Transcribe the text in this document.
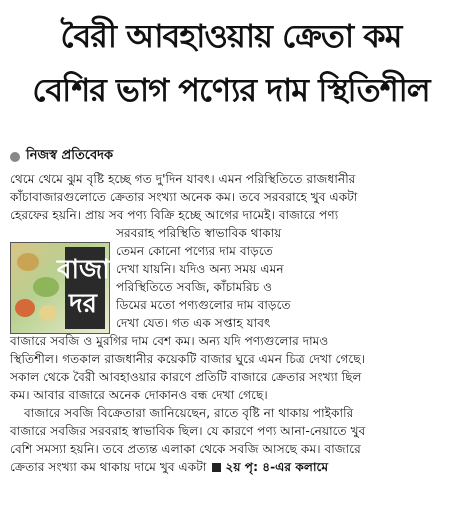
বৈরী আবহাওয়ায় ক্রেতা কম
বেশির ভাগ পণ্যের দাম স্থিতিশীল
নিজস্ব প্রতিবেদক
থেমে থেমে ঝুম বৃষ্টি হচ্ছে গত দু'দিন যাবৎ। এমন পরিস্থিতিতে রাজধানীর
কাঁচাবাজারগুলোতে ক্রেতার সংখ্যা অনেক কম। তবে সরবরাহে খুব একটা
হেরফের হয়নি। প্রায় সব পণ্য বিক্রি হচ্ছে আগের দামেই। বাজারে পণ্য
বাজার
দর
সরবরাহ পরিস্থিতি স্বাভাবিক থাকায়
তেমন কোনো পণ্যের দাম বাড়তে
দেখা যায়নি। যদিও অন্য সময় এমন
পরিস্থিতিতে সবজি, কাঁচামরিচ ও
ডিমের মতো পণ্যগুলোর দাম বাড়তে
দেখা যেত। গত এক সপ্তাহ যাবৎ
বাজারে সবজি ও মুরগির দাম বেশ কম। অন্য যদি পণ্যগুলোর দামও
স্থিতিশীল। গতকাল রাজধানীর কয়েকটি বাজার ঘুরে এমন চিত্র দেখা গেছে।
সকাল থেকে বৈরী আবহাওয়ার কারণে প্রতিটি বাজারে ক্রেতার সংখ্যা ছিল
কম। আবার বাজারে অনেক দোকানও বন্ধ দেখা গেছে।
বাজারে সবজি বিক্রেতারা জানিয়েছেন, রাতে বৃষ্টি না থাকায় পাইকারি
বাজারে সবজির সরবরাহ স্বাভাবিক ছিল। যে কারণে পণ্য আনা-নেয়াতে খুব
বেশি সমস্যা হয়নি। তবে প্রত্যন্ত এলাকা থেকে সবজি আসছে কম। বাজারে
ক্রেতার সংখ্যা কম থাকায় দামে খুব একটা ২য় পৃ: ৪-এর কলামে
